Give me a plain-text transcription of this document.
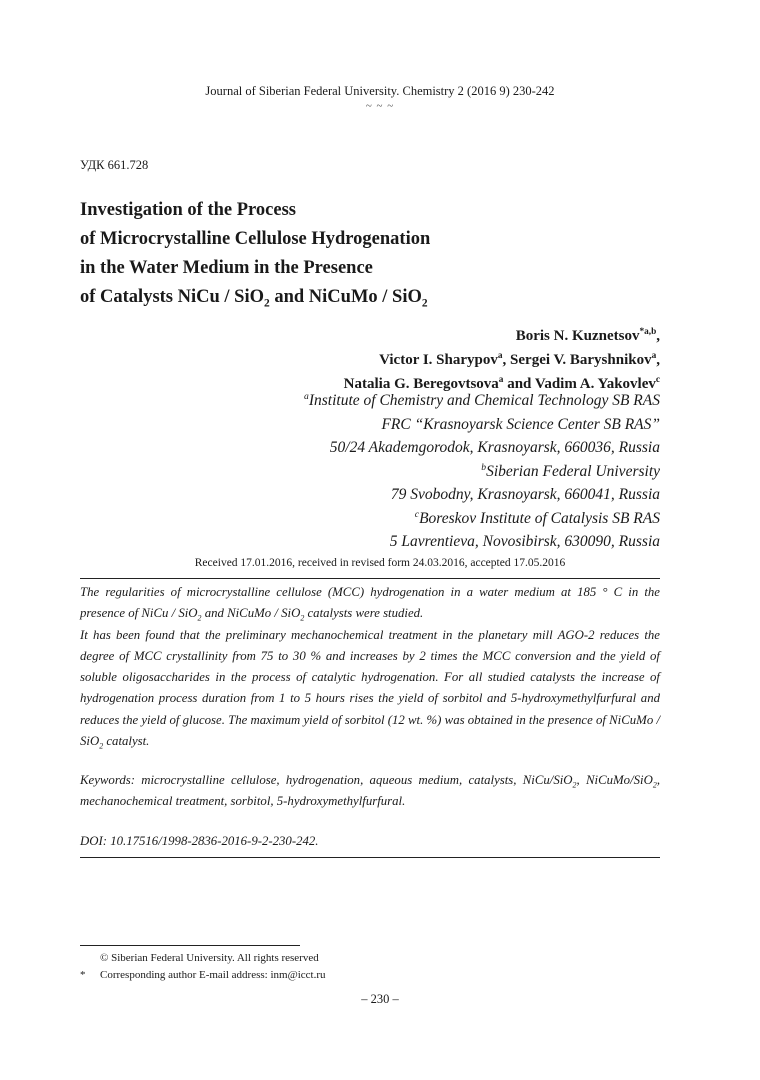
Journal of Siberian Federal University. Chemistry 2 (2016 9) 230-242
~ ~ ~
УДК 661.728
Investigation of the Process
of Microcrystalline Cellulose Hydrogenation
in the Water Medium in the Presence
of Catalysts NiCu / SiO$_2$ and NiCuMo / SiO$_2$
Boris N. Kuznetsov$^{*a,b}$,
Victor I. Sharypov$^a$, Sergei V. Baryshnikov$^a$,
Natalia G. Beregovtsova$^a$ and Vadim A. Yakovlev$^c$
$^a$Institute of Chemistry and Chemical Technology SB RAS
FRC “Krasnoyarsk Science Center SB RAS”
50/24 Akademgorodok, Krasnoyarsk, 660036, Russia
$^b$Siberian Federal University
79 Svobodny, Krasnoyarsk, 660041, Russia
$^c$Boreskov Institute of Catalysis SB RAS
5 Lavrentieva, Novosibirsk, 630090, Russia
Received 17.01.2016, received in revised form 24.03.2016, accepted 17.05.2016

The regularities of microcrystalline cellulose (MCC) hydrogenation in a water medium at 185 ° C in the presence of NiCu / SiO$_2$ and NiCuMo / SiO$_2$ catalysts were studied.

It has been found that the preliminary mechanochemical treatment in the planetary mill AGO-2 reduces the degree of MCC crystallinity from 75 to 30 % and increases by 2 times the MCC conversion and the yield of soluble oligosaccharides in the process of catalytic hydrogenation. For all studied catalysts the increase of hydrogenation process duration from 1 to 5 hours rises the yield of sorbitol and 5-hydroxymethylfurfural and reduces the yield of glucose. The maximum yield of sorbitol (12 wt. %) was obtained in the presence of NiCuMo / SiO$_2$ catalyst.

Keywords: microcrystalline cellulose, hydrogenation, aqueous medium, catalysts, NiCu/SiO$_2$, NiCuMo/SiO$_2$, mechanochemical treatment, sorbitol, 5-hydroxymethylfurfural.
DOI: 10.17516/1998-2836-2016-9-2-230-242.
© Siberian Federal University. All rights reserved
* Corresponding author E-mail address: inm@icct.ru
– 230 –
